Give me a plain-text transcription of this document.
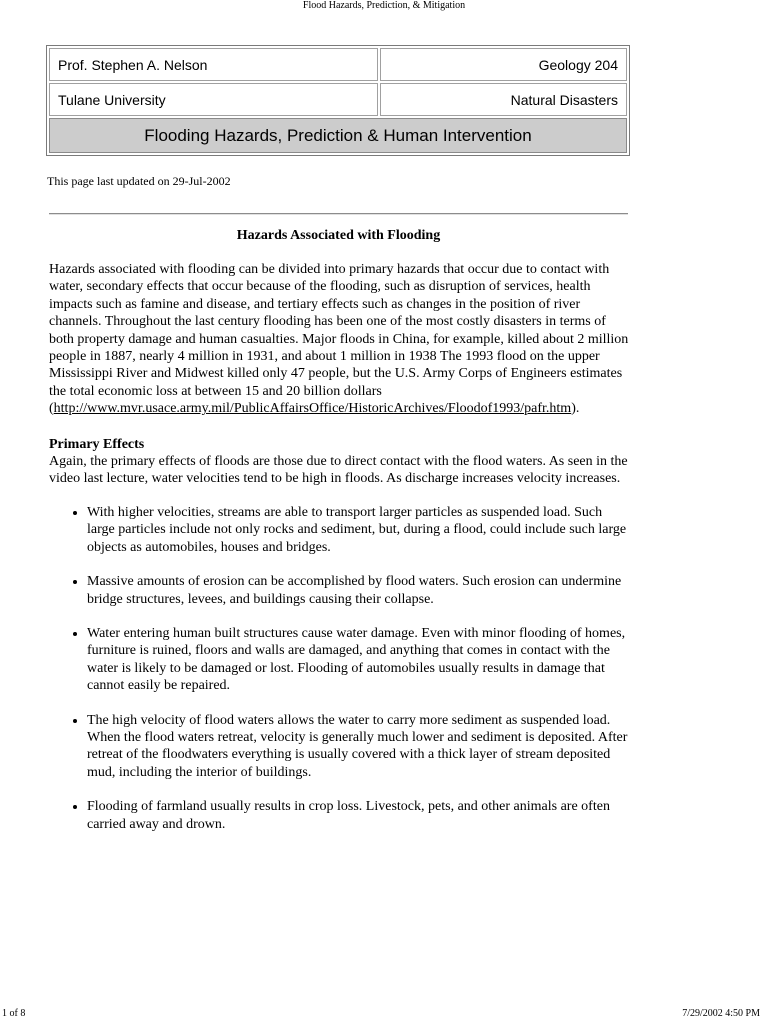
Flood Hazards, Prediction, & Mitigation
Prof. Stephen A. Nelson	Geology 204
Tulane University	Natural Disasters
Flooding Hazards, Prediction & Human Intervention	
This page last updated on 29-Jul-2002
Hazards Associated with Flooding

Hazards associated with flooding can be divided into primary hazards that occur due to contact with water, secondary effects that occur because of the flooding, such as disruption of services, health impacts such as famine and disease, and tertiary effects such as changes in the position of river channels. Throughout the last century flooding has been one of the most costly disasters in terms of both property damage and human casualties. Major floods in China, for example, killed about 2 million people in 1887, nearly 4 million in 1931, and about 1 million in 1938 The 1993 flood on the upper Mississippi River and Midwest killed only 47 people, but the U.S. Army Corps of Engineers estimates the total economic loss at between 15 and 20 billion dollars (http://www.mvr.usace.army.mil/PublicAffairsOffice/HistoricArchives/Floodof1993/pafr.htm).

Primary Effects

Again, the primary effects of floods are those due to direct contact with the flood waters. As seen in the video last lecture, water velocities tend to be high in floods. As discharge increases velocity increases.

• With higher velocities, streams are able to transport larger particles as suspended load. Such large particles include not only rocks and sediment, but, during a flood, could include such large objects as automobiles, houses and bridges.
• Massive amounts of erosion can be accomplished by flood waters. Such erosion can undermine bridge structures, levees, and buildings causing their collapse.
• Water entering human built structures cause water damage. Even with minor flooding of homes, furniture is ruined, floors and walls are damaged, and anything that comes in contact with the water is likely to be damaged or lost. Flooding of automobiles usually results in damage that cannot easily be repaired.
• The high velocity of flood waters allows the water to carry more sediment as suspended load. When the flood waters retreat, velocity is generally much lower and sediment is deposited. After retreat of the floodwaters everything is usually covered with a thick layer of stream deposited mud, including the interior of buildings.
• Flooding of farmland usually results in crop loss. Livestock, pets, and other animals are often carried away and drown.
1 of 8	7/29/2002 4:50 PM
